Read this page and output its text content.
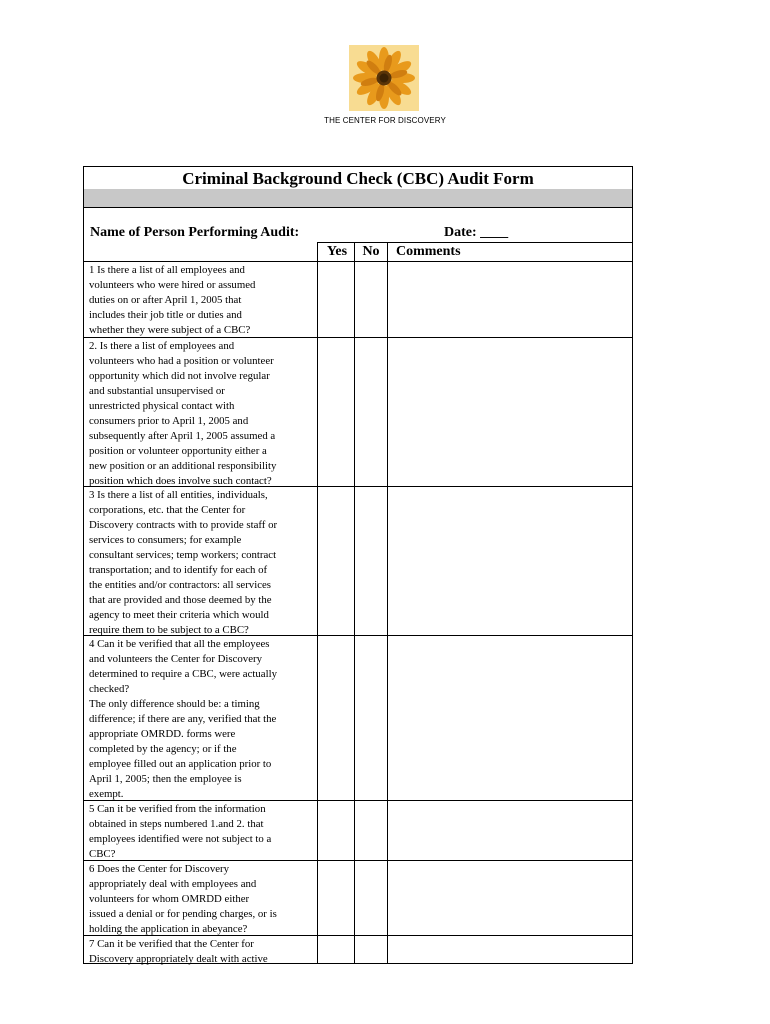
THE CENTER FOR DISCOVERY
Criminal Background Check (CBC) Audit Form
Name of Person Performing Audit:	Date: ____
Yes	No	Comments
1 Is there a list of all employees and
volunteers who were hired or assumed
duties on or after April 1, 2005 that
includes their job title or duties and
whether they were subject of a CBC?
2. Is there a list of employees and
volunteers who had a position or volunteer
opportunity which did not involve regular
and substantial unsupervised or
unrestricted physical contact with
consumers prior to April 1, 2005 and
subsequently after April 1, 2005 assumed a
position or volunteer opportunity either a
new position or an additional responsibility
position which does involve such contact?
3 Is there a list of all entities, individuals,
corporations, etc. that the Center for
Discovery contracts with to provide staff or
services to consumers; for example
consultant services; temp workers; contract
transportation; and to identify for each of
the entities and/or contractors: all services
that are provided and those deemed by the
agency to meet their criteria which would
require them to be subject to a CBC?
4 Can it be verified that all the employees
and volunteers the Center for Discovery
determined to require a CBC, were actually
checked?
The only difference should be: a timing
difference; if there are any, verified that the
appropriate OMRDD. forms were
completed by the agency; or if the
employee filled out an application prior to
April 1, 2005; then the employee is
exempt.
5 Can it be verified from the information
obtained in steps numbered 1.and 2. that
employees identified were not subject to a
CBC?
6 Does the Center for Discovery
appropriately deal with employees and
volunteers for whom OMRDD either
issued a denial or for pending charges, or is
holding the application in abeyance?
7 Can it be verified that the Center for
Discovery appropriately dealt with active
